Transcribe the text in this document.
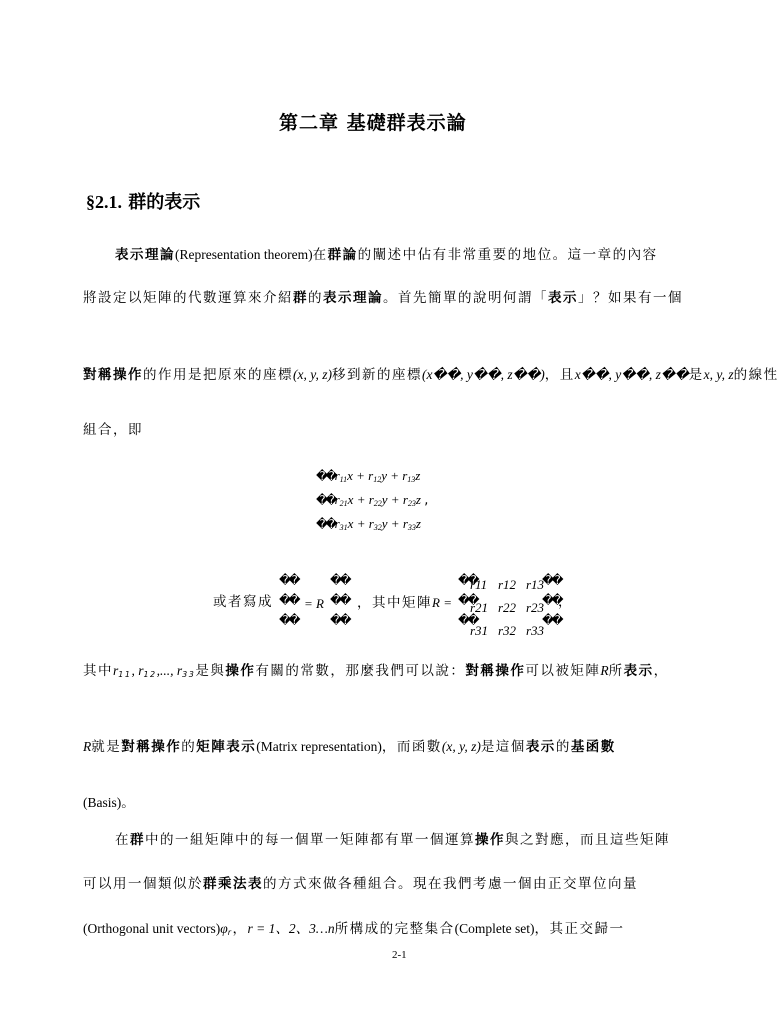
第二章 基礎群表示論
§2.1. 群的表示
表示理論(Representation theorem)在群論的闡述中佔有非常重要的地位。這一章的內容
將設定以矩陣的代數運算來介紹群的表示理論。首先簡單的說明何謂「表示」？如果有一個
對稱操作的作用是把原來的座標(x, y, z)移到新的座標(x��, y��, z��)，且x��, y��, z��是x, y, z的線性
組合，即
$��r_{11}x + r_{12}y + r_{13}z$
$��r_{21}x + r_{22}y + r_{23}z$ ,
$��r_{31}x + r_{32}y + r_{33}z$
或者寫成
��
��
��
= R
��
��
��
，其中矩陣R =
��
��
��
r11 r12 r13
r21 r22 r23
r31 r32 r33
��
��
��
，
其中$r_{11}$, $r_{12}$,..., $r_{33}$是與操作有關的常數，那麼我們可以說：對稱操作可以被矩陣R所表示，
R就是對稱操作的矩陣表示(Matrix representation)，而函數(x, y, z)是這個表示的基函數
(Basis)。
在群中的一組矩陣中的每一個單一矩陣都有單一個運算操作與之對應，而且這些矩陣
可以用一個類似於群乘法表的方式來做各種組合。現在我們考慮一個由正交單位向量
(Orthogonal unit $vectors)\varphi_r$，r = 1、2、3…n所構成的完整集合(Complete set)，其正交歸一
2-1
